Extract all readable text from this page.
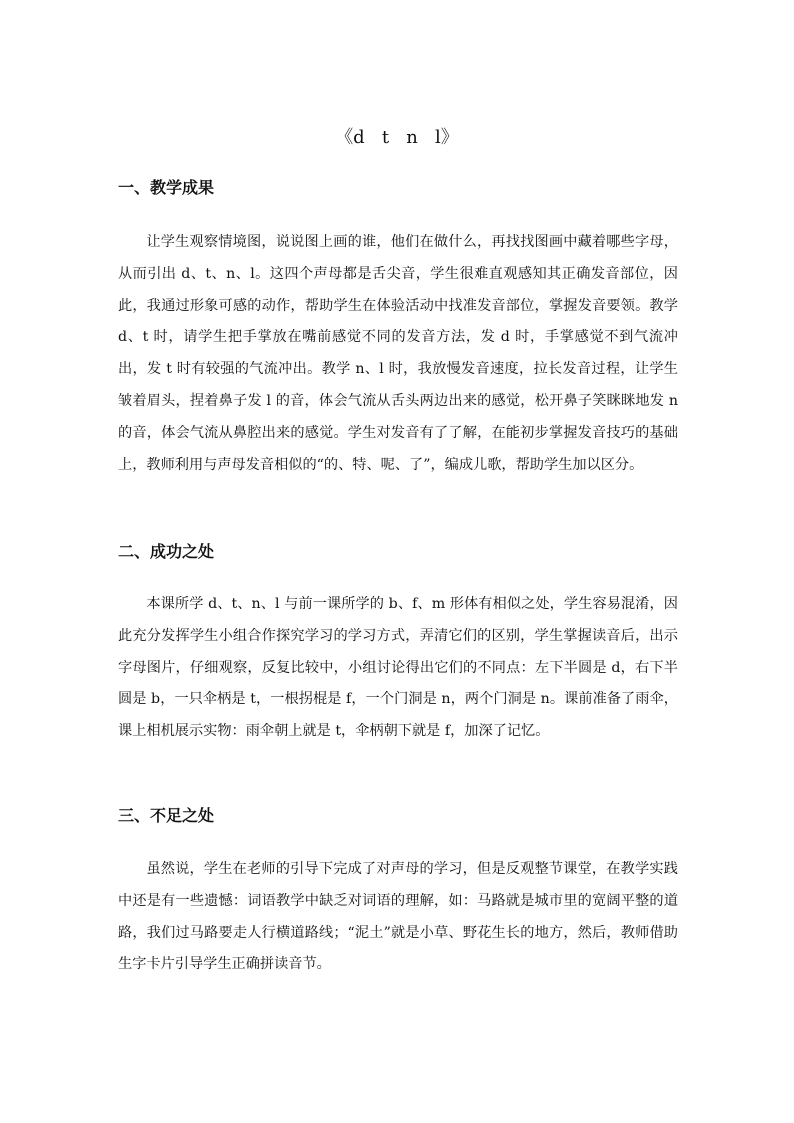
《d   t   n   l》
一、教学成果
让学生观察情境图，说说图上画的谁，他们在做什么，再找找图画中藏着哪些字母，从而引出 d、t、n、l。这四个声母都是舌尖音，学生很难直观感知其正确发音部位，因此，我通过形象可感的动作，帮助学生在体验活动中找准发音部位，掌握发音要领。教学 d、t 时，请学生把手掌放在嘴前感觉不同的发音方法，发 d 时，手掌感觉不到气流冲出，发 t 时有较强的气流冲出。教学 n、l 时，我放慢发音速度，拉长发音过程，让学生皱着眉头，捏着鼻子发 l 的音，体会气流从舌头两边出来的感觉，松开鼻子笑眯眯地发 n 的音，体会气流从鼻腔出来的感觉。学生对发音有了了解，在能初步掌握发音技巧的基础上，教师利用与声母发音相似的“的、特、呢、了”，编成儿歌，帮助学生加以区分。
二、成功之处
本课所学 d、t、n、l 与前一课所学的 b、f、m 形体有相似之处，学生容易混淆，因此充分发挥学生小组合作探究学习的学习方式，弄清它们的区别，学生掌握读音后，出示字母图片，仔细观察，反复比较中，小组讨论得出它们的不同点：左下半圆是 d，右下半圆是 b，一只伞柄是 t，一根拐棍是 f，一个门洞是 n，两个门洞是 n。课前准备了雨伞，课上相机展示实物：雨伞朝上就是 t，伞柄朝下就是 f，加深了记忆。
三、不足之处
虽然说，学生在老师的引导下完成了对声母的学习，但是反观整节课堂，在教学实践中还是有一些遗憾：词语教学中缺乏对词语的理解，如：马路就是城市里的宽阔平整的道路，我们过马路要走人行横道路线；“泥土”就是小草、野花生长的地方，然后，教师借助生字卡片引导学生正确拼读音节。
